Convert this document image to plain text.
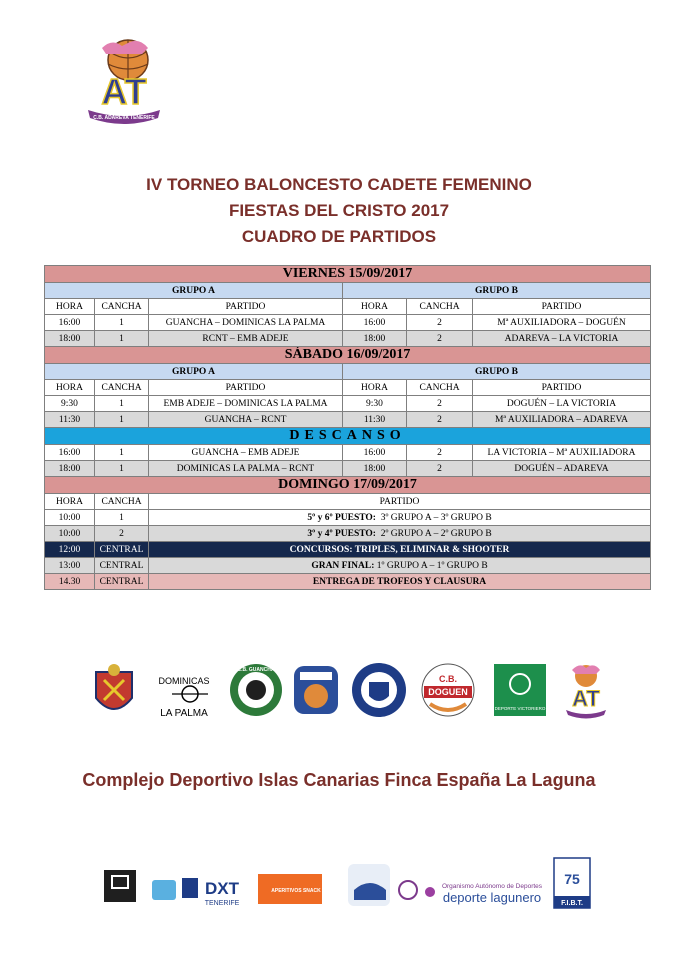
AT
C.B. ADAREVA TENERIFE
IV TORNEO BALONCESTO CADETE FEMENINO
FIESTAS DEL CRISTO 2017
CUADRO DE PARTIDOS
VIERNES 15/09/2017					
GRUPO A			GRUPO B		
HORA	CANCHA	PARTIDO	HORA	CANCHA	PARTIDO
16:00	1	GUANCHA – DOMINICAS LA PALMA	16:00	2	Mª AUXILIADORA – DOGUÉN
18:00	1	RCNT – EMB ADEJE	18:00	2	ADAREVA – LA VICTORIA
SÁBADO 16/09/2017					
GRUPO A			GRUPO B		
HORA	CANCHA	PARTIDO	HORA	CANCHA	PARTIDO
9:30	1	EMB ADEJE – DOMINICAS LA PALMA	9:30	2	DOGUÉN – LA VICTORIA
11:30	1	GUANCHA – RCNT	11:30	2	Mª AUXILIADORA – ADAREVA
DESCANSO					
16:00	1	GUANCHA – EMB ADEJE	16:00	2	LA VICTORIA – Mª AUXILIADORA
18:00	1	DOMINICAS LA PALMA – RCNT	18:00	2	DOGUÉN – ADAREVA
DOMINGO 17/09/2017					
HORA	CANCHA	PARTIDO			
10:00	1	5º y 6º PUESTO:  3º GRUPO A – 3º GRUPO B			
10:00	2	3º y 4º PUESTO:  2º GRUPO A – 2º GRUPO B			
12:00	CENTRAL	CONCURSOS: TRIPLES, ELIMINAR & SHOOTER			
13:00	CENTRAL	GRAN FINAL: 1º GRUPO A – 1º GRUPO B			
14.30	CENTRAL	ENTREGA DE TROFEOS Y CLAUSURA			
DOMINICAS
LA PALMA
C.B. GUANCHA
C.B.
DOGUEN
DEPORTE VICTORIERO AT
Complejo Deportivo Islas Canarias Finca España La Laguna
DXT
TENERIFE
APERITIVOS SNACK
Organismo Autónomo de Deportes
deporte lagunero
75
F.I.B.T.
